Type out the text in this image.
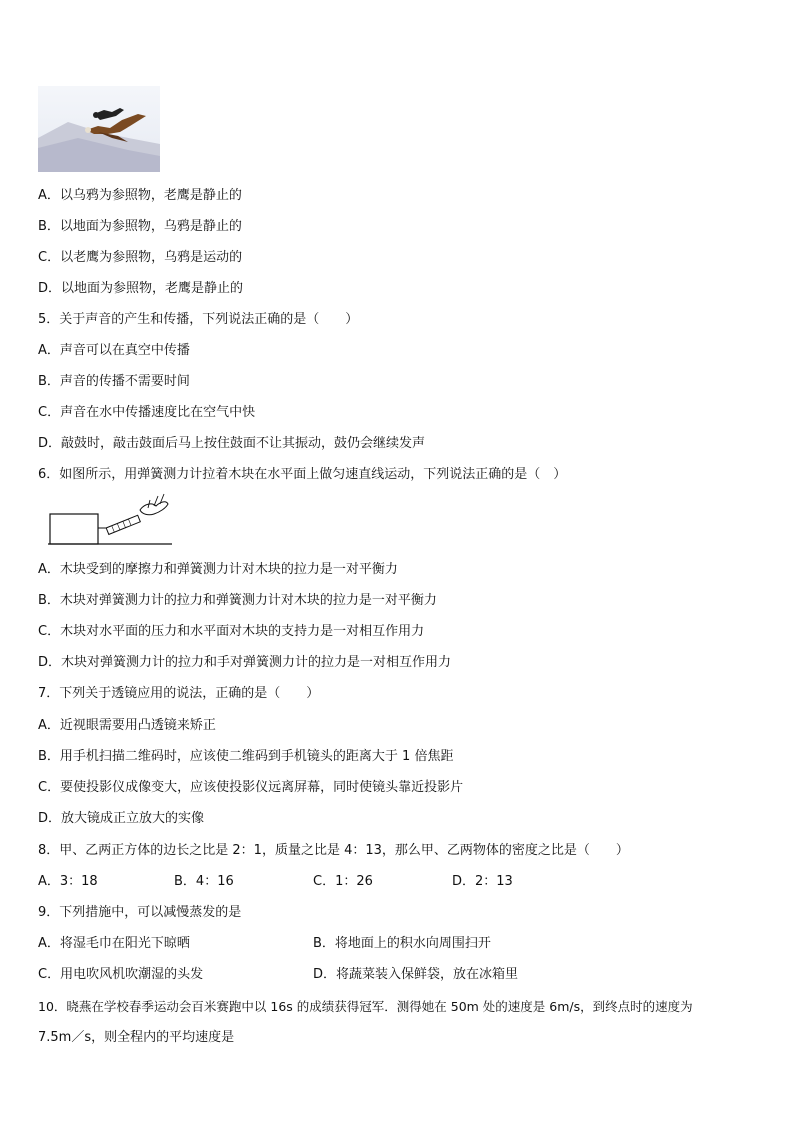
A．以乌鸦为参照物，老鹰是静止的
B．以地面为参照物，乌鸦是静止的
C．以老鹰为参照物，乌鸦是运动的
D．以地面为参照物，老鹰是静止的
5．关于声音的产生和传播，下列说法正确的是（　　）
A．声音可以在真空中传播
B．声音的传播不需要时间
C．声音在水中传播速度比在空气中快
D．敲鼓时，敲击鼓面后马上按住鼓面不让其振动，鼓仍会继续发声
6．如图所示，用弹簧测力计拉着木块在水平面上做匀速直线运动，下列说法正确的是（　）
A．木块受到的摩擦力和弹簧测力计对木块的拉力是一对平衡力
B．木块对弹簧测力计的拉力和弹簧测力计对木块的拉力是一对平衡力
C．木块对水平面的压力和水平面对木块的支持力是一对相互作用力
D．木块对弹簧测力计的拉力和手对弹簧测力计的拉力是一对相互作用力
7．下列关于透镜应用的说法，正确的是（　　）
A．近视眼需要用凸透镜来矫正
B．用手机扫描二维码时，应该使二维码到手机镜头的距离大于 1 倍焦距
C．要使投影仪成像变大，应该使投影仪远离屏幕，同时使镜头靠近投影片
D．放大镜成正立放大的实像
8．甲、乙两正方体的边长之比是 2：1，质量之比是 4：13，那么甲、乙两物体的密度之比是（　　）
A．3：18	B．4：16	C．1：26	D．2：13
9．下列措施中，可以减慢蒸发的是
A．将湿毛巾在阳光下晾晒	B．将地面上的积水向周围扫开
C．用电吹风机吹潮湿的头发	D．将蔬菜装入保鲜袋，放在冰箱里
10．晓燕在学校春季运动会百米赛跑中以 16s 的成绩获得冠军．测得她在 50m 处的速度是 6m/s，到终点时的速度为
7.5m／s，则全程内的平均速度是
